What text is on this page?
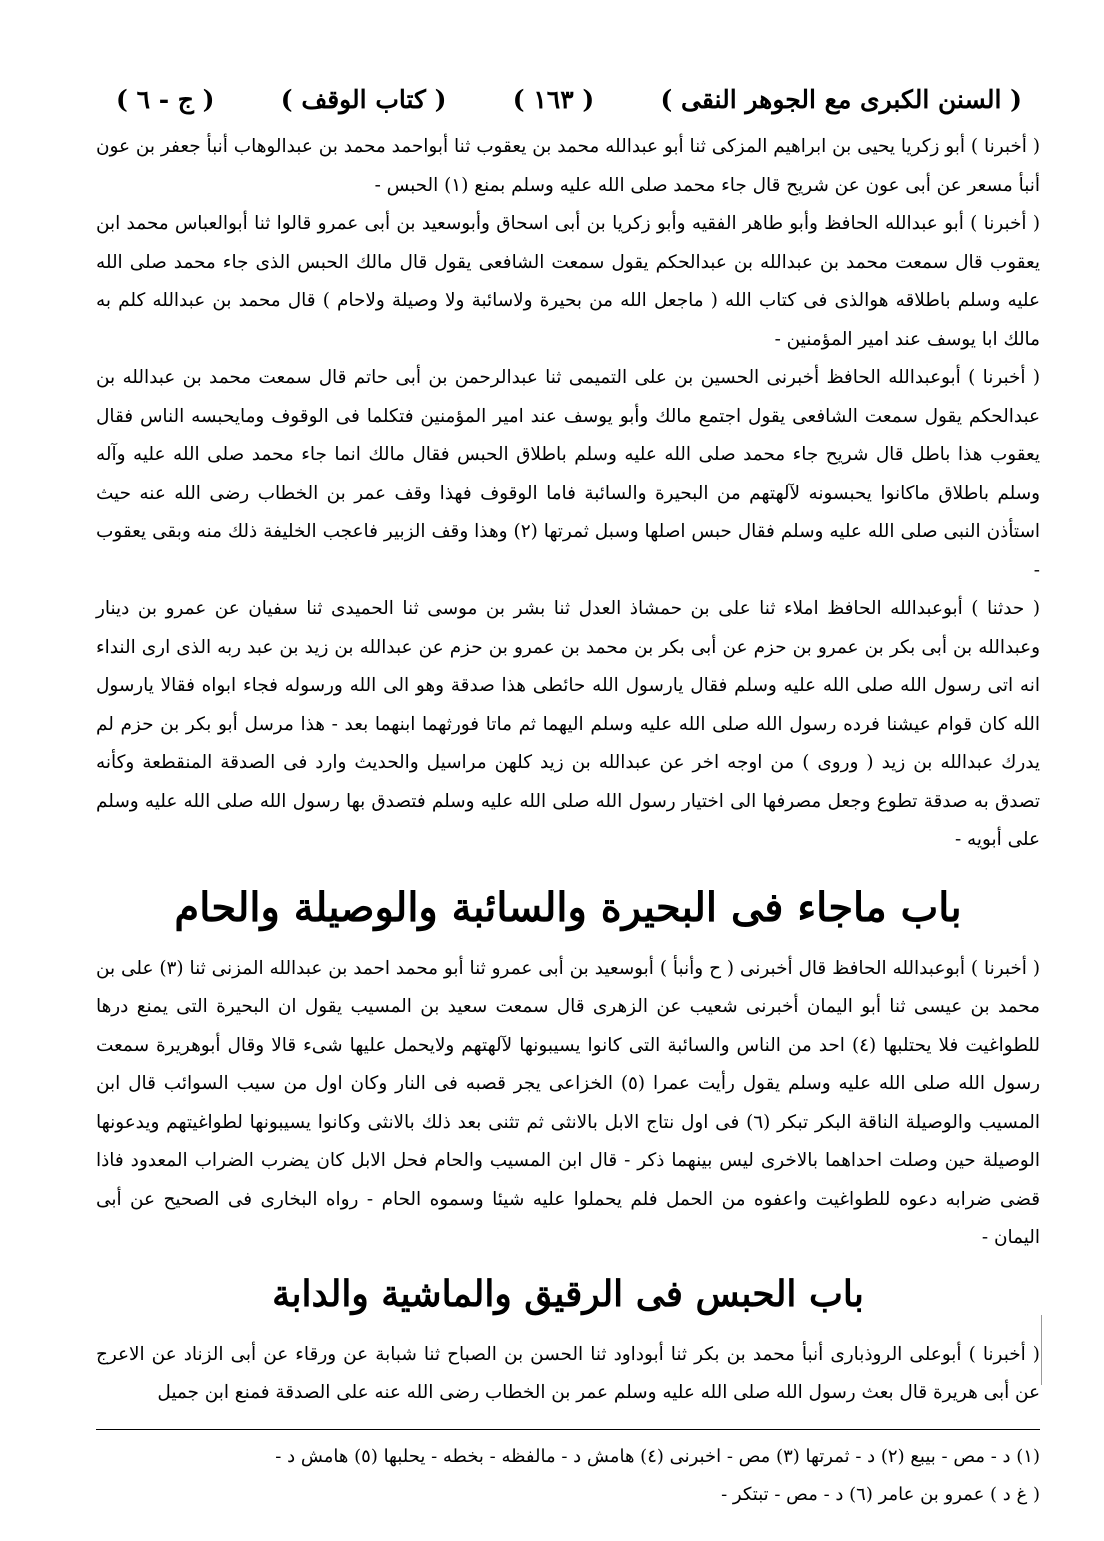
( السنن الكبرى مع الجوهر النقى )
( ١٦٣ )
( كتاب الوقف )
( ج - ٦ )

( أخبرنا ) أبو زكريا يحيى بن ابراهيم المزكى ثنا أبو عبدالله محمد بن يعقوب ثنا أبواحمد محمد بن عبدالوهاب أنبأ جعفر بن عون أنبأ مسعر عن أبى عون عن شريح قال جاء محمد صلى الله عليه وسلم بمنع (١) الحبس -

( أخبرنا ) أبو عبدالله الحافظ وأبو طاهر الفقيه وأبو زكريا بن أبى اسحاق وأبوسعيد بن أبى عمرو قالوا ثنا أبوالعباس محمد ابن يعقوب قال سمعت محمد بن عبدالله بن عبدالحكم يقول سمعت الشافعى يقول قال مالك الحبس الذى جاء محمد صلى الله عليه وسلم باطلاقه هوالذى فى كتاب الله ( ماجعل الله من بحيرة ولاسائبة ولا وصيلة ولاحام ) قال محمد بن عبدالله كلم به مالك ابا يوسف عند امير المؤمنين -

( أخبرنا ) أبوعبدالله الحافظ أخبرنى الحسين بن على التميمى ثنا عبدالرحمن بن أبى حاتم قال سمعت محمد بن عبدالله بن عبدالحكم يقول سمعت الشافعى يقول اجتمع مالك وأبو يوسف عند امير المؤمنين فتكلما فى الوقوف ومايحبسه الناس فقال يعقوب هذا باطل قال شريح جاء محمد صلى الله عليه وسلم باطلاق الحبس فقال مالك انما جاء محمد صلى الله عليه وآله وسلم باطلاق ماكانوا يحبسونه لآلهتهم من البحيرة والسائبة فاما الوقوف فهذا وقف عمر بن الخطاب رضى الله عنه حيث استأذن النبى صلى الله عليه وسلم فقال حبس اصلها وسبل ثمرتها (٢) وهذا وقف الزبير فاعجب الخليفة ذلك منه وبقى يعقوب -

( حدثنا ) أبوعبدالله الحافظ املاء ثنا على بن حمشاذ العدل ثنا بشر بن موسى ثنا الحميدى ثنا سفيان عن عمرو بن دينار وعبدالله بن أبى بكر بن عمرو بن حزم عن أبى بكر بن محمد بن عمرو بن حزم عن عبدالله بن زيد بن عبد ربه الذى ارى النداء انه اتى رسول الله صلى الله عليه وسلم فقال يارسول الله حائطى هذا صدقة وهو الى الله ورسوله فجاء ابواه فقالا يارسول الله كان قوام عيشنا فرده رسول الله صلى الله عليه وسلم اليهما ثم ماتا فورثهما ابنهما بعد - هذا مرسل أبو بكر بن حزم لم يدرك عبدالله بن زيد ( وروى ) من اوجه اخر عن عبدالله بن زيد كلهن مراسيل والحديث وارد فى الصدقة المنقطعة وكأنه تصدق به صدقة تطوع وجعل مصرفها الى اختيار رسول الله صلى الله عليه وسلم فتصدق بها رسول الله صلى الله عليه وسلم على أبويه -

باب ماجاء فى البحيرة والسائبة والوصيلة والحام

( أخبرنا ) أبوعبدالله الحافظ قال أخبرنى ( ح وأنبأ ) أبوسعيد بن أبى عمرو ثنا أبو محمد احمد بن عبدالله المزنى ثنا (٣) على بن محمد بن عيسى ثنا أبو اليمان أخبرنى شعيب عن الزهرى قال سمعت سعيد بن المسيب يقول ان البحيرة التى يمنع درها للطواغيت فلا يحتلبها (٤) احد من الناس والسائبة التى كانوا يسيبونها لآلهتهم ولايحمل عليها شىء قالا وقال أبوهريرة سمعت رسول الله صلى الله عليه وسلم يقول رأيت عمرا (٥) الخزاعى يجر قصبه فى النار وكان اول من سيب السوائب قال ابن المسيب والوصيلة الناقة البكر تبكر (٦) فى اول نتاج الابل بالانثى ثم تثنى بعد ذلك بالانثى وكانوا يسيبونها لطواغيتهم ويدعونها الوصيلة حين وصلت احداهما بالاخرى ليس بينهما ذكر - قال ابن المسيب والحام فحل الابل كان يضرب الضراب المعدود فاذا قضى ضرابه دعوه للطواغيت واعفوه من الحمل فلم يحملوا عليه شيئا وسموه الحام - رواه البخارى فى الصحيح عن أبى اليمان -

باب الحبس فى الرقيق والماشية والدابة

( أخبرنا ) أبوعلى الروذبارى أنبأ محمد بن بكر ثنا أبوداود ثنا الحسن بن الصباح ثنا شبابة عن ورقاء عن أبى الزناد عن الاعرج عن أبى هريرة قال بعث رسول الله صلى الله عليه وسلم عمر بن الخطاب رضى الله عنه على الصدقة فمنع ابن جميل

(١) د - مص - بيبع (٢) د - ثمرتها (٣) مص - اخبرنى (٤) هامش د - مالفظه - بخطه - يحلبها (٥) هامش د -

( غ د ) عمرو بن عامر (٦) د - مص - تبتكر -
